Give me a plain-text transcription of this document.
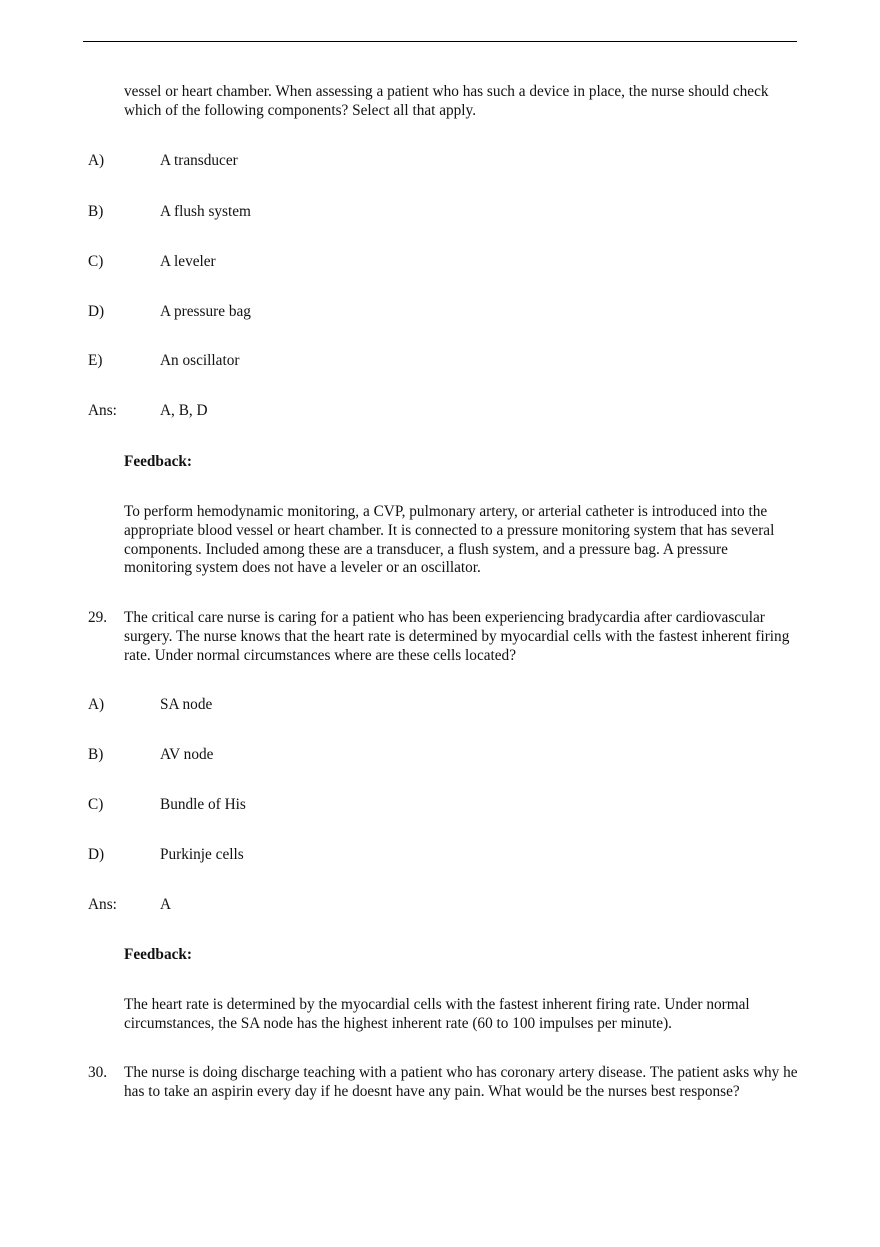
vessel or heart chamber. When assessing a patient who has such a device in place, the nurse should check which of the following components? Select all that apply.
A)	A transducer
B)	A flush system
C)	A leveler
D)	A pressure bag
E)	An oscillator
Ans:	A, B, D
Feedback:
To perform hemodynamic monitoring, a CVP, pulmonary artery, or arterial catheter is introduced into the appropriate blood vessel or heart chamber. It is connected to a pressure monitoring system that has several components. Included among these are a transducer, a flush system, and a pressure bag. A pressure monitoring system does not have a leveler or an oscillator.
29. The critical care nurse is caring for a patient who has been experiencing bradycardia after cardiovascular surgery. The nurse knows that the heart rate is determined by myocardial cells with the fastest inherent firing rate. Under normal circumstances where are these cells located?
A)	SA node
B)	AV node
C)	Bundle of His
D)	Purkinje cells
Ans:	A
Feedback:
The heart rate is determined by the myocardial cells with the fastest inherent firing rate. Under normal circumstances, the SA node has the highest inherent rate (60 to 100 impulses per minute).
30. The nurse is doing discharge teaching with a patient who has coronary artery disease. The patient asks why he has to take an aspirin every day if he doesnt have any pain. What would be the nurses best response?
